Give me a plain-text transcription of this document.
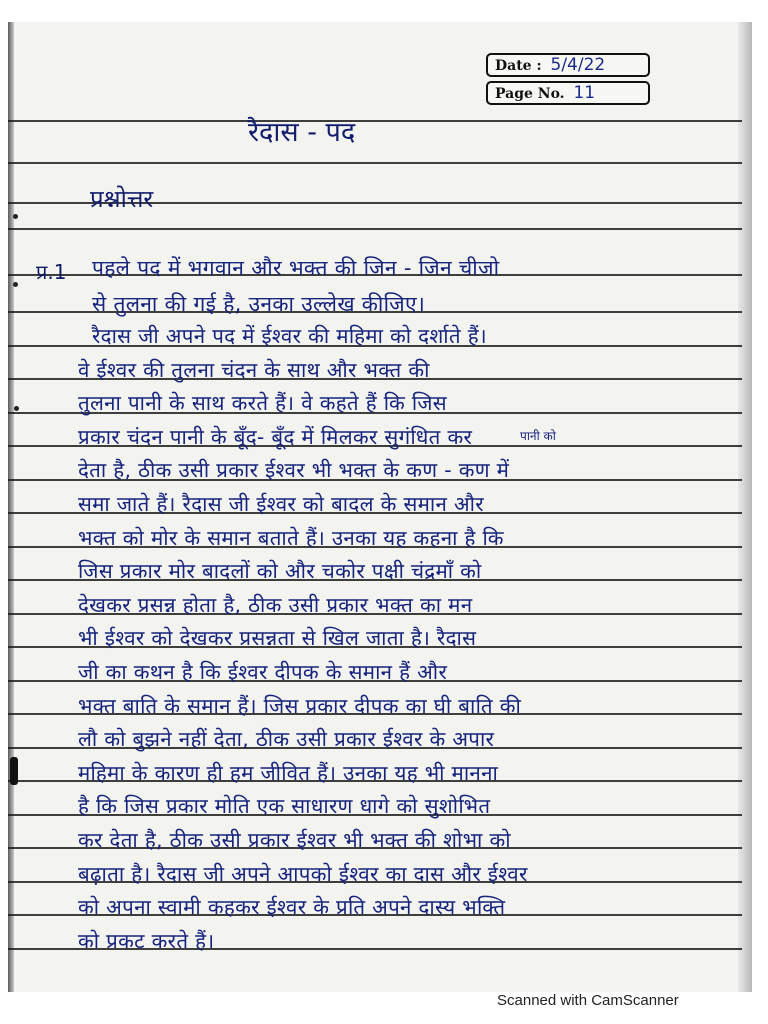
Date : 5/4/22
Page No. 11
रैदास - पद
प्रश्नोत्तर
प्र.1 पहले पद में भगवान और भक्त की जिन - जिन चीजो
से तुलना की गई है, उनका उल्लेख कीजिए।
पानी को
रैदास जी अपने पद में ईश्वर की महिमा को दर्शाते हैं।
वे ईश्वर की तुलना चंदन के साथ और भक्त की
तुलना पानी के साथ करते हैं। वे कहते हैं कि जिस
प्रकार चंदन पानी के बूँद- बूँद में मिलकर सुगंधित कर
देता है, ठीक उसी प्रकार ईश्वर भी भक्त के कण - कण में
समा जाते हैं। रैदास जी ईश्वर को बादल के समान और
भक्त को मोर के समान बताते हैं। उनका यह कहना है कि
जिस प्रकार मोर बादलों को और चकोर पक्षी चंद्रमाँ को
देखकर प्रसन्न होता है, ठीक उसी प्रकार भक्त का मन
भी ईश्वर को देखकर प्रसन्नता से खिल जाता है। रैदास
जी का कथन है कि ईश्वर दीपक के समान हैं और
भक्त बाति के समान हैं। जिस प्रकार दीपक का घी बाति की
लौ को बुझने नहीं देता, ठीक उसी प्रकार ईश्वर के अपार
महिमा के कारण ही हम जीवित हैं। उनका यह भी मानना
है कि जिस प्रकार मोति एक साधारण धागे को सुशोभित
कर देता है, ठीक उसी प्रकार ईश्वर भी भक्त की शोभा को
बढ़ाता है। रैदास जी अपने आपको ईश्वर का दास और ईश्वर
को अपना स्वामी कहकर ईश्वर के प्रति अपने दास्य भक्ति
को प्रकट करते हैं।
Scanned with CamScanner
